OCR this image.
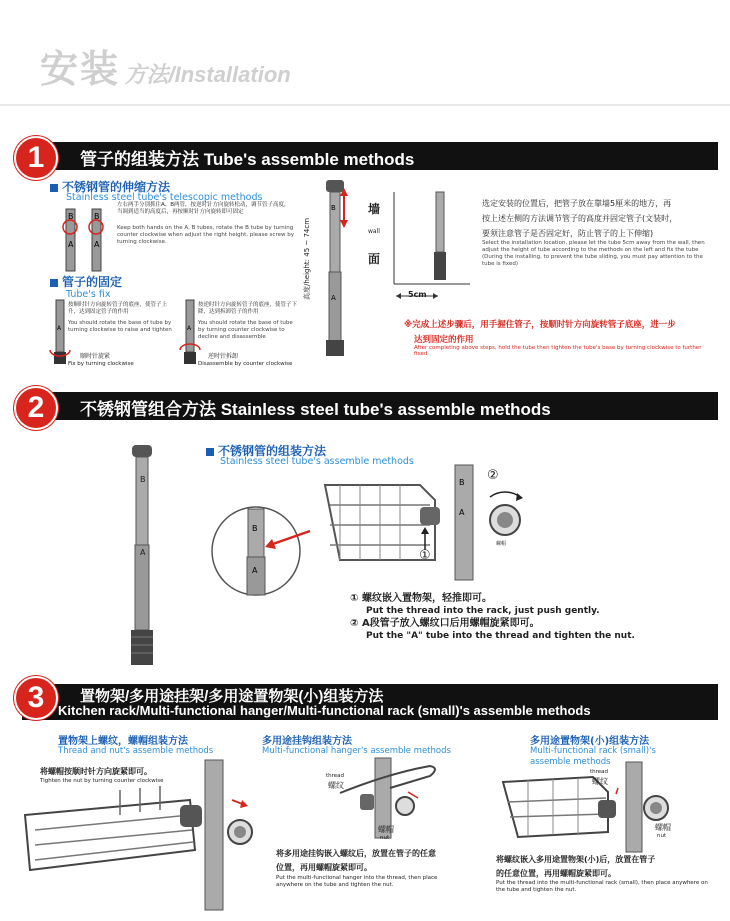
安装 方法/Installation
管子的组装方法 Tube's assemble methods
1
不锈钢管的伸缩方法
Stainless steel tube's telescopic methods
B	B
A	A
左右两手分别抓住A、B两管，按逆时针方向旋转松动，调节管子高度，当调到适当的高度后，再按顺时针方向旋转即可固定
Keep both hands on the A, B tubes, rotate the B tube by turning counter clockwise when adjust the right height, please screw by turning clockwise.
管子的固定
Tube's fix
A
按顺时针方向旋转管子的底座，使管子上升，达到固定管子的作用
You should rotate the base of tube by turning clockwise to raise and tighten
顺时针旋紧
Fix by turning clockwise
A
按逆时针方向旋转管子的底座，使管子下降，达到拆卸管子的作用
You should rotate the base of tube by turning counter clockwise to decline and disassemble
逆时针拆卸
Disassemble by counter clockwise
B
A
高度/height: 45 ~ 74cm
墙
wall
面
5cm
选定安装的位置后，把管子放在靠墙5厘米的地方，再
按上述左侧的方法调节管子的高度并固定管子(文装时，
要须注意管子是否固定好，防止管子的上下伸缩)
Select the installation location, please let the tube 5cm away from the wall, then adjust the height of tube according to the methods on the left and fix the tube (During the installing, to prevent the tube sliding, you must pay attention to the tube is fixed)
※完成上述步骤后，用手握住管子，按顺时针方向旋转管子底座，进一步
达到固定的作用
After completing above steps, hold the tube then tighten the tube's base by turning clockwise to further fixed
不锈钢管组合方法 Stainless steel tube's assemble methods
2
不锈钢管的组装方法
Stainless steel tube's assemble methods
B
A
B
A
B
A
①
②
螺帽
① 螺纹嵌入置物架，轻推即可。
Put the thread into the rack, just push gently.
② A段管子放入螺纹口后用螺帽旋紧即可。
Put the "A" tube into the thread and tighten the nut.
置物架/多用途挂架/多用途置物架(小)组装方法
Kitchen rack/Multi-functional hanger/Multi-functional rack (small)'s assemble methods
3
置物架上螺纹，螺帽组装方法
Thread and nut's assemble methods
将螺帽按顺时针方向旋紧即可。
Tighten the nut by turning counter clockwise
多用途挂钩组装方法
Multi-functional hanger's assemble methods
thread
螺纹
螺帽
nut
将多用途挂钩嵌入螺纹后，放置在管子的任意
位置，再用螺帽旋紧即可。
Put the multi-functional hanger into the thread, then place anywhere on the tube and tighten the nut.
多用途置物架(小)组装方法
Multi-functional rack (small)'s
assemble methods
thread
螺纹
螺帽
nut
将螺纹嵌入多用途置物架(小)后，放置在管子
的任意位置，再用螺帽旋紧即可。
Put the thread into the multi-functional rack (small), then place anywhere on the tube and tighten the nut.
